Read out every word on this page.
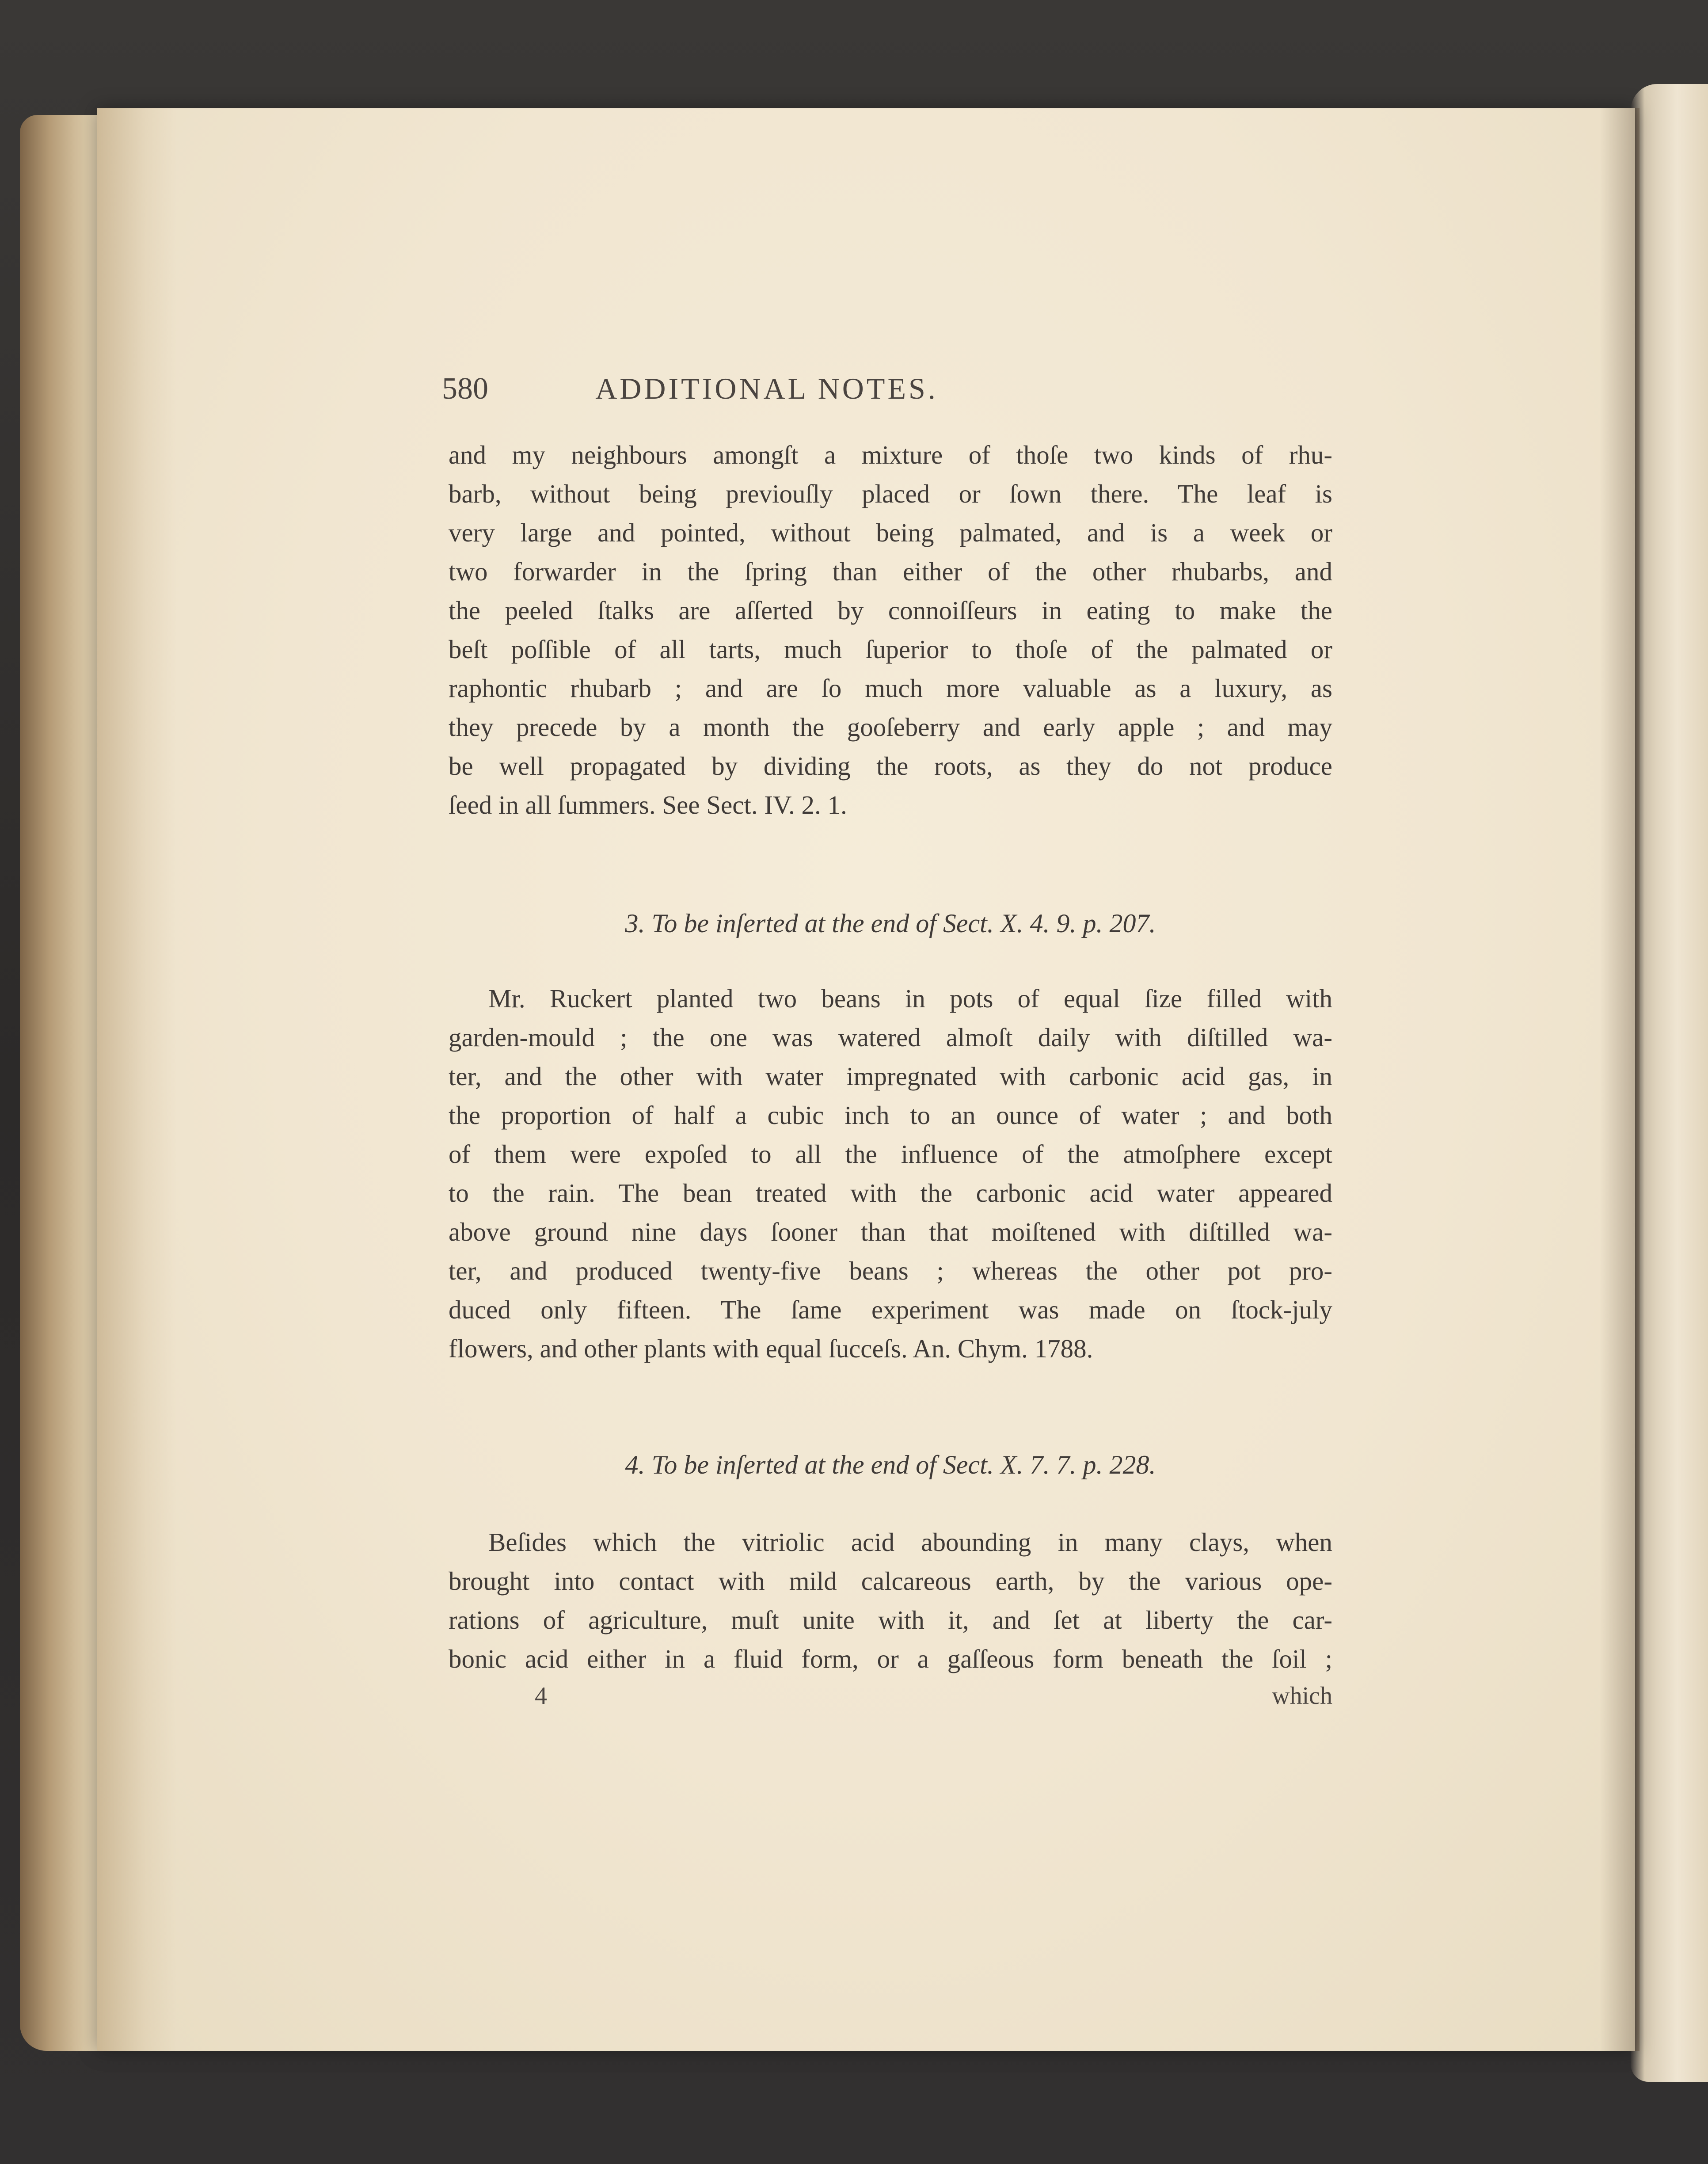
580	ADDITIONAL NOTES.
and my neighbours amongſt a mixture of thoſe two kinds of rhu-
barb, without being previouſly placed or ſown there. The leaf is
very large and pointed, without being palmated, and is a week or
two forwarder in the ſpring than either of the other rhubarbs, and
the peeled ſtalks are aſſerted by connoiſſeurs in eating to make the
beſt poſſible of all tarts, much ſuperior to thoſe of the palmated or
raphontic rhubarb ; and are ſo much more valuable as a luxury, as
they precede by a month the gooſeberry and early apple ; and may
be well propagated by dividing the roots, as they do not produce
ſeed in all ſummers. See Sect. IV. 2. 1.
3. To be inſerted at the end of Sect. X. 4. 9. p. 207.
Mr. Ruckert planted two beans in pots of equal ſize filled with
garden-mould ; the one was watered almoſt daily with diſtilled wa-
ter, and the other with water impregnated with carbonic acid gas, in
the proportion of half a cubic inch to an ounce of water ; and both
of them were expoſed to all the influence of the atmoſphere except
to the rain. The bean treated with the carbonic acid water appeared
above ground nine days ſooner than that moiſtened with diſtilled wa-
ter, and produced twenty-five beans ; whereas the other pot pro-
duced only fifteen. The ſame experiment was made on ſtock-july
flowers, and other plants with equal ſucceſs. An. Chym. 1788.
4. To be inſerted at the end of Sect. X. 7. 7. p. 228.
Beſides which the vitriolic acid abounding in many clays, when
brought into contact with mild calcareous earth, by the various ope-
rations of agriculture, muſt unite with it, and ſet at liberty the car-
bonic acid either in a fluid form, or a gaſſeous form beneath the ſoil ;
4	which
